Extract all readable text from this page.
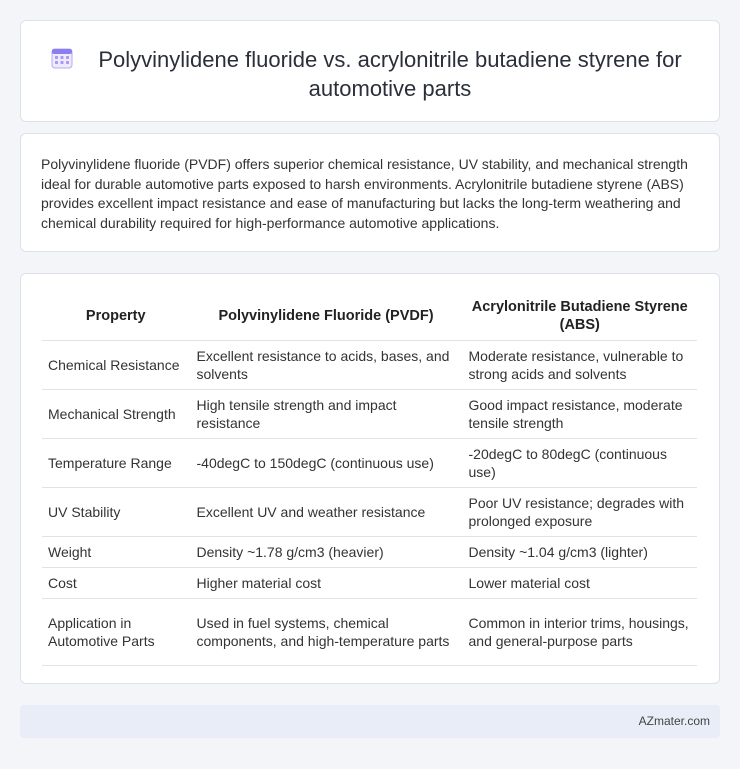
Polyvinylidene fluoride vs. acrylonitrile butadiene styrene for automotive parts

Polyvinylidene fluoride (PVDF) offers superior chemical resistance, UV stability, and mechanical strength ideal for durable automotive parts exposed to harsh environments. Acrylonitrile butadiene styrene (ABS) provides excellent impact resistance and ease of manufacturing but lacks the long-term weathering and chemical durability required for high-performance automotive applications.

Property	Polyvinylidene Fluoride (PVDF)	Acrylonitrile Butadiene Styrene (ABS)
Chemical Resistance	Excellent resistance to acids, bases, and solvents	Moderate resistance, vulnerable to strong acids and solvents
Mechanical Strength	High tensile strength and impact resistance	Good impact resistance, moderate tensile strength
Temperature Range	-40degC to 150degC (continuous use)	-20degC to 80degC (continuous use)
UV Stability	Excellent UV and weather resistance	Poor UV resistance; degrades with prolonged exposure
Weight	Density ~1.78 g/cm3 (heavier)	Density ~1.04 g/cm3 (lighter)
Cost	Higher material cost	Lower material cost
Application in Automotive Parts	Used in fuel systems, chemical components, and high-temperature parts	Common in interior trims, housings, and general-purpose parts
AZmater.com
